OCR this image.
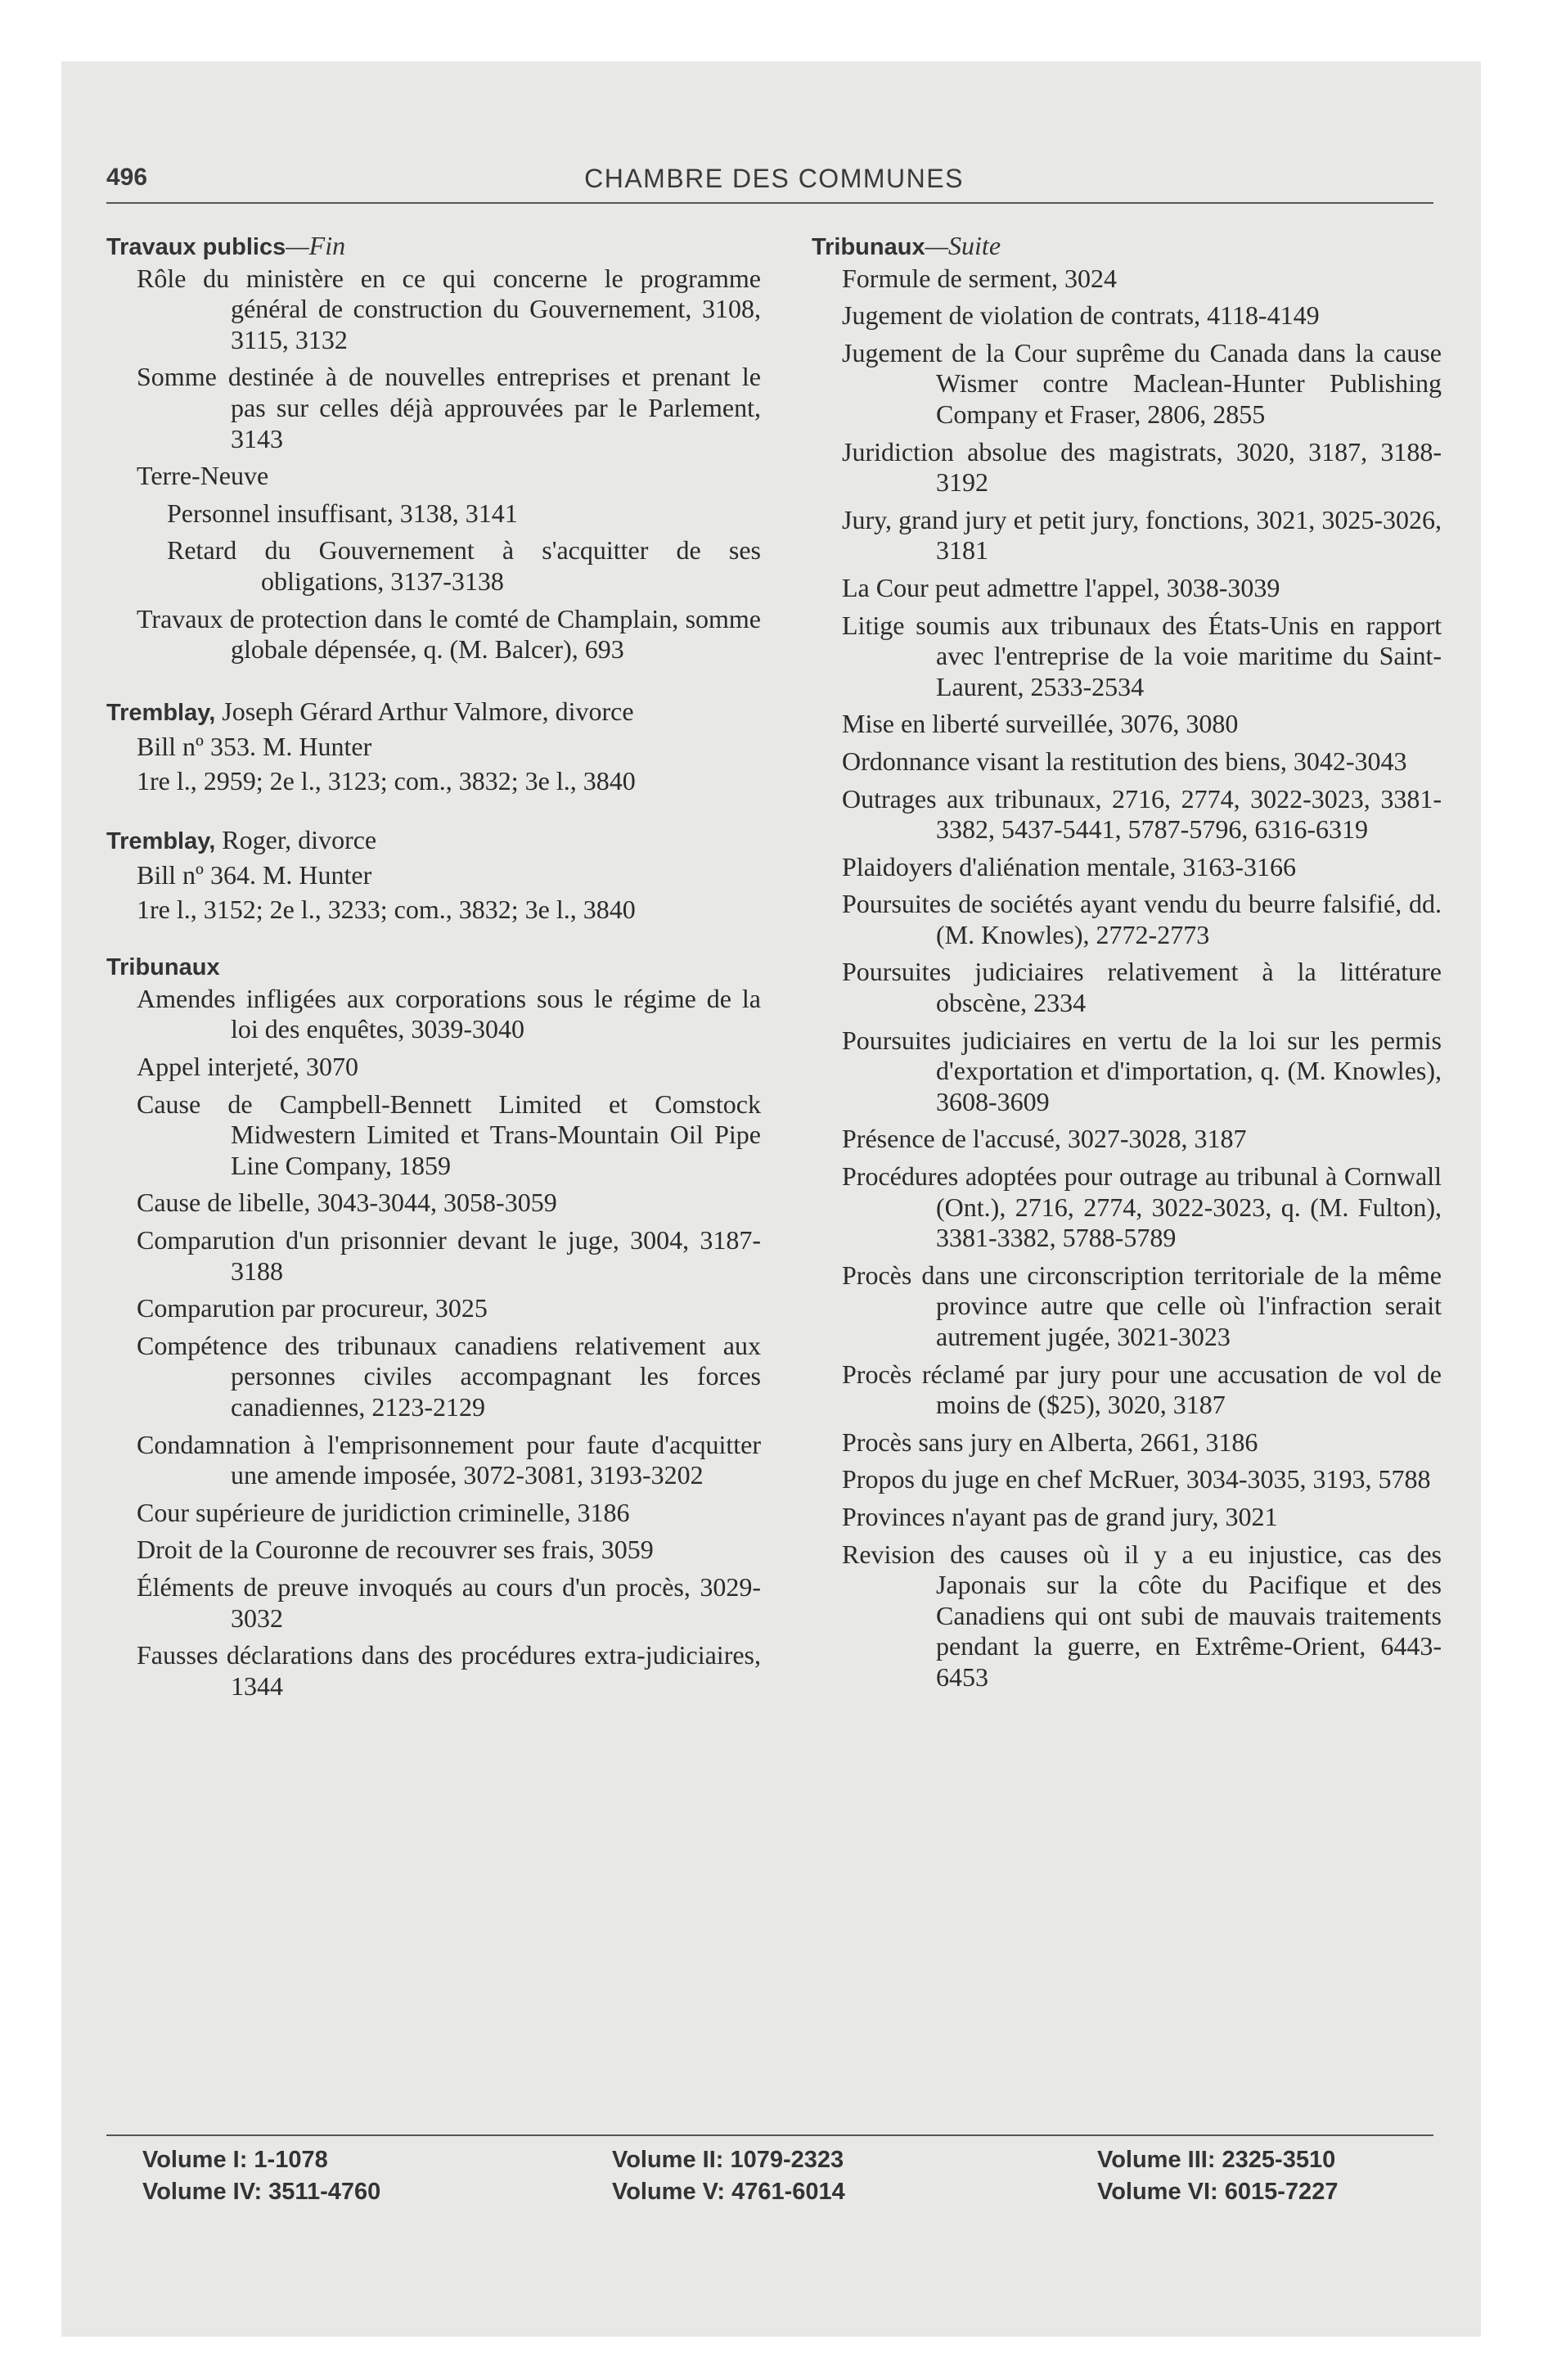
496	CHAMBRE DES COMMUNES
Travaux publics—Fin
Rôle du ministère en ce qui concerne le programme général de construction du Gouvernement, 3108, 3115, 3132
Somme destinée à de nouvelles entreprises et prenant le pas sur celles déjà approuvées par le Parlement, 3143
Terre-Neuve
Personnel insuffisant, 3138, 3141
Retard du Gouvernement à s'acquitter de ses obligations, 3137-3138
Travaux de protection dans le comté de Champlain, somme globale dépensée, q. (M. Balcer), 693
Tremblay, Joseph Gérard Arthur Valmore, divorce
Bill nº 353. M. Hunter
1re l., 2959; 2e l., 3123; com., 3832; 3e l., 3840
Tremblay, Roger, divorce
Bill nº 364. M. Hunter
1re l., 3152; 2e l., 3233; com., 3832; 3e l., 3840
Tribunaux
Amendes infligées aux corporations sous le régime de la loi des enquêtes, 3039-3040
Appel interjeté, 3070
Cause de Campbell-Bennett Limited et Comstock Midwestern Limited et Trans-Mountain Oil Pipe Line Company, 1859
Cause de libelle, 3043-3044, 3058-3059
Comparution d'un prisonnier devant le juge, 3004, 3187-3188
Comparution par procureur, 3025
Compétence des tribunaux canadiens relativement aux personnes civiles accompagnant les forces canadiennes, 2123-2129
Condamnation à l'emprisonnement pour faute d'acquitter une amende imposée, 3072-3081, 3193-3202
Cour supérieure de juridiction criminelle, 3186
Droit de la Couronne de recouvrer ses frais, 3059
Éléments de preuve invoqués au cours d'un procès, 3029-3032
Fausses déclarations dans des procédures extra-judiciaires, 1344
Tribunaux—Suite
Formule de serment, 3024
Jugement de violation de contrats, 4118-4149
Jugement de la Cour suprême du Canada dans la cause Wismer contre Maclean-Hunter Publishing Company et Fraser, 2806, 2855
Juridiction absolue des magistrats, 3020, 3187, 3188-3192
Jury, grand jury et petit jury, fonctions, 3021, 3025-3026, 3181
La Cour peut admettre l'appel, 3038-3039
Litige soumis aux tribunaux des États-Unis en rapport avec l'entreprise de la voie maritime du Saint-Laurent, 2533-2534
Mise en liberté surveillée, 3076, 3080
Ordonnance visant la restitution des biens, 3042-3043
Outrages aux tribunaux, 2716, 2774, 3022-3023, 3381-3382, 5437-5441, 5787-5796, 6316-6319
Plaidoyers d'aliénation mentale, 3163-3166
Poursuites de sociétés ayant vendu du beurre falsifié, dd. (M. Knowles), 2772-2773
Poursuites judiciaires relativement à la littérature obscène, 2334
Poursuites judiciaires en vertu de la loi sur les permis d'exportation et d'importation, q. (M. Knowles), 3608-3609
Présence de l'accusé, 3027-3028, 3187
Procédures adoptées pour outrage au tribunal à Cornwall (Ont.), 2716, 2774, 3022-3023, q. (M. Fulton), 3381-3382, 5788-5789
Procès dans une circonscription territoriale de la même province autre que celle où l'infraction serait autrement jugée, 3021-3023
Procès réclamé par jury pour une accusation de vol de moins de ($25), 3020, 3187
Procès sans jury en Alberta, 2661, 3186
Propos du juge en chef McRuer, 3034-3035, 3193, 5788
Provinces n'ayant pas de grand jury, 3021
Revision des causes où il y a eu injustice, cas des Japonais sur la côte du Pacifique et des Canadiens qui ont subi de mauvais traitements pendant la guerre, en Extrême-Orient, 6443-6453
Volume I: 1-1078
Volume IV: 3511-4760
Volume II: 1079-2323
Volume V: 4761-6014
Volume III: 2325-3510
Volume VI: 6015-7227
